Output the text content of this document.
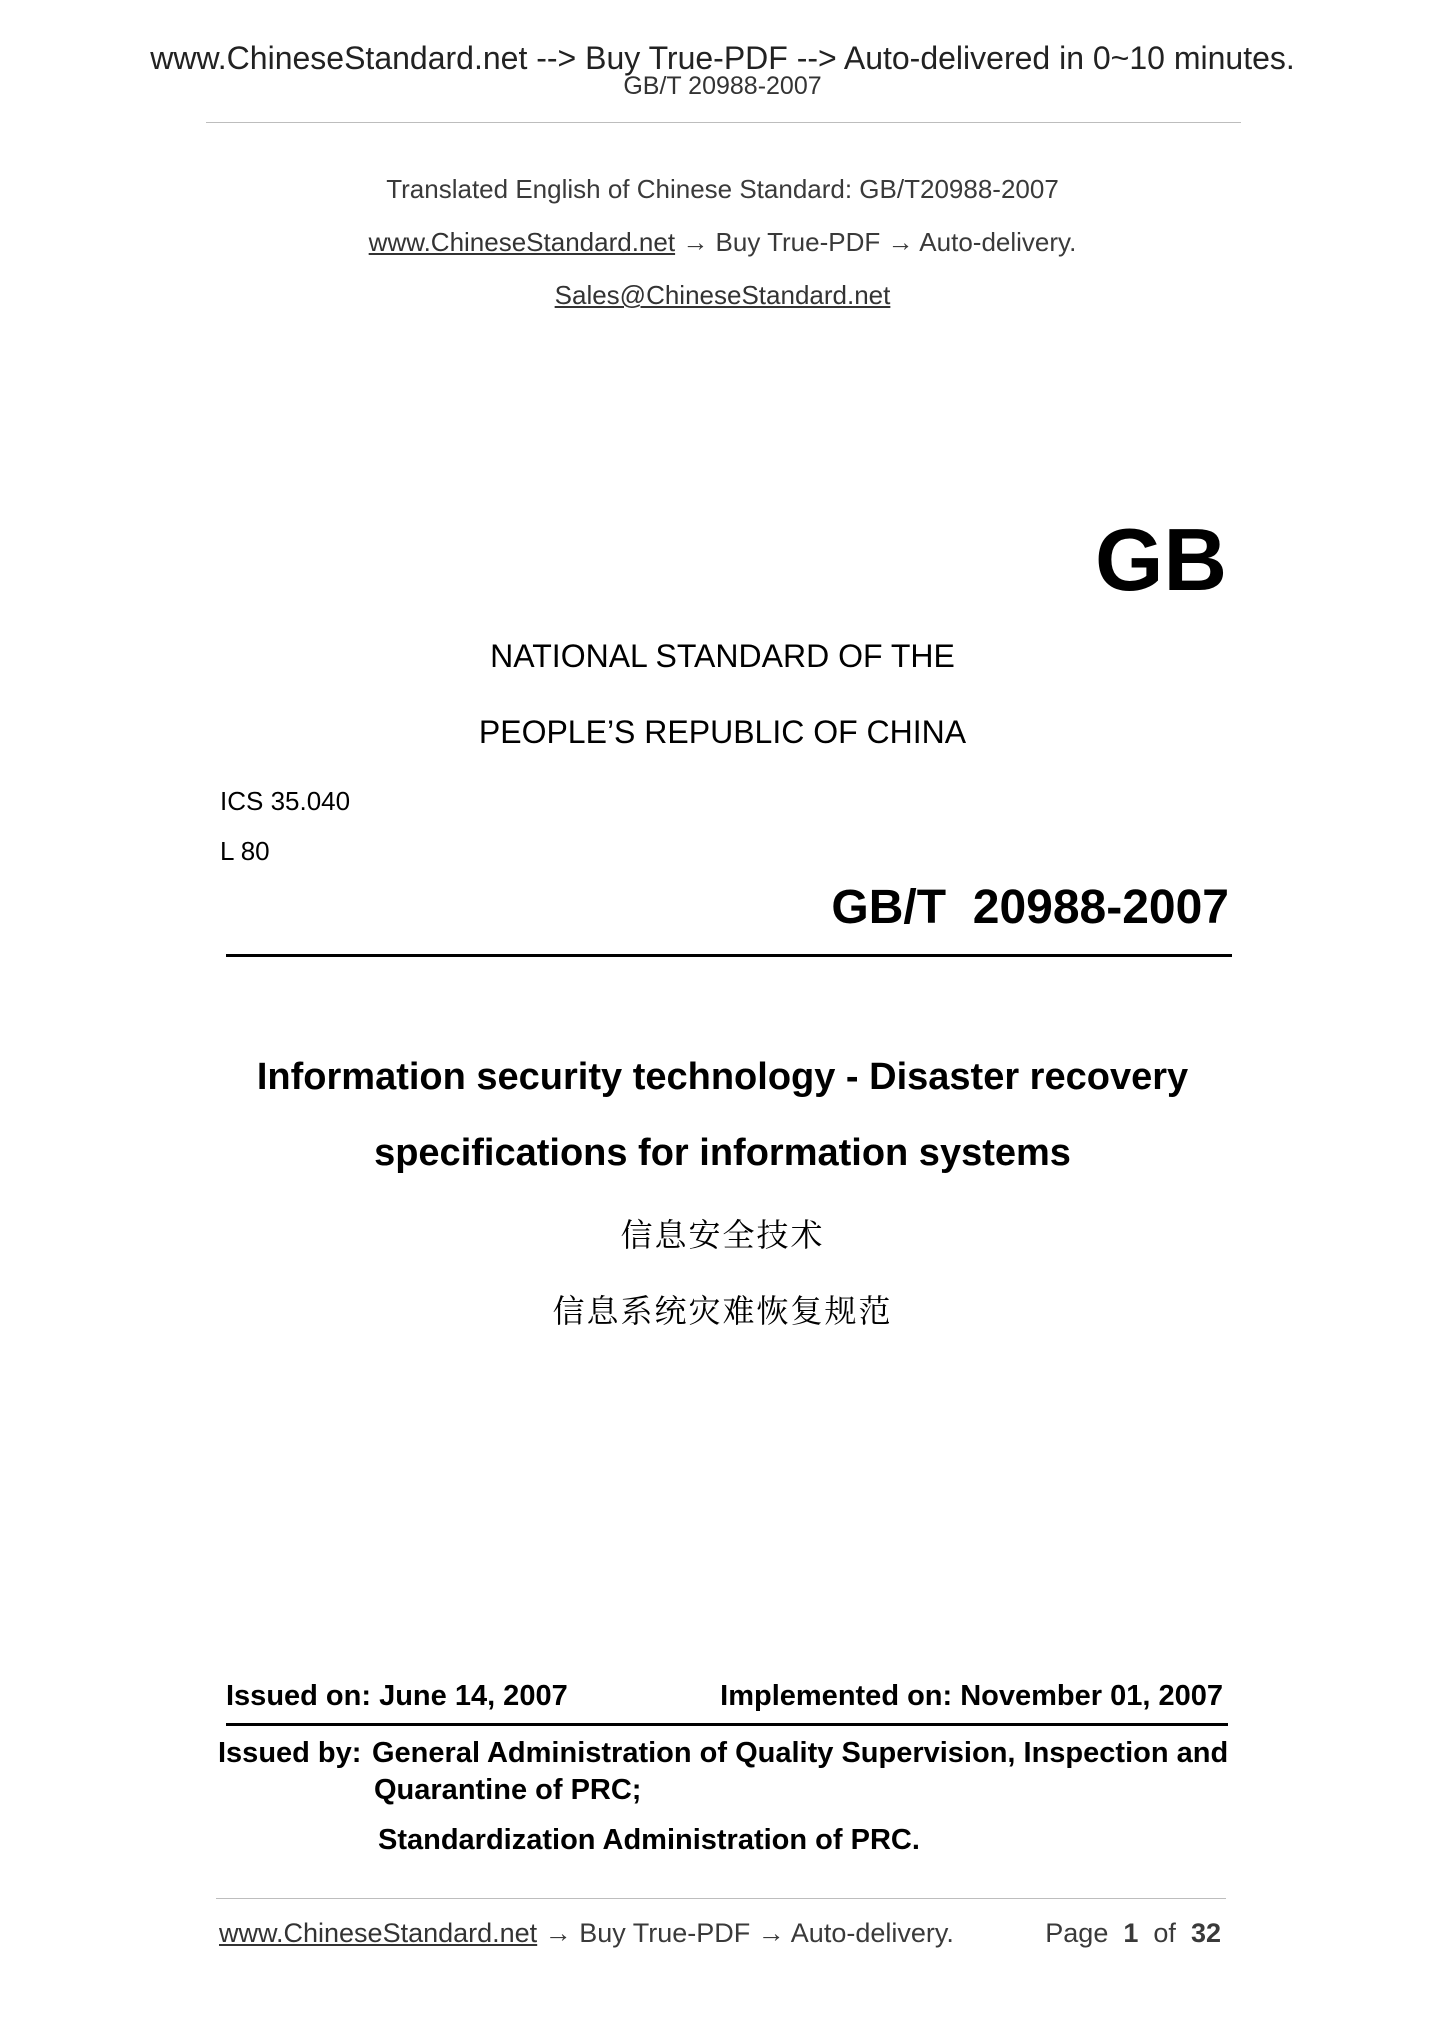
www.ChineseStandard.net --> Buy True-PDF --> Auto-delivered in 0~10 minutes.
GB/T 20988-2007
Translated English of Chinese Standard: GB/T20988-2007
www.ChineseStandard.net → Buy True-PDF → Auto-delivery.
Sales@ChineseStandard.net
GB
NATIONAL STANDARD OF THE
PEOPLE’S REPUBLIC OF CHINA
ICS 35.040
L 80
GB/T  20988-2007
Information security technology - Disaster recovery
specifications for information systems
信息安全技术
信息系统灾难恢复规范
Issued on: June 14, 2007	Implemented on: November 01, 2007
Issued by: General Administration of Quality Supervision, Inspection and
Quarantine of PRC;
Standardization Administration of PRC.
www.ChineseStandard.net → Buy True-PDF → Auto-delivery.	Page 1 of 32
